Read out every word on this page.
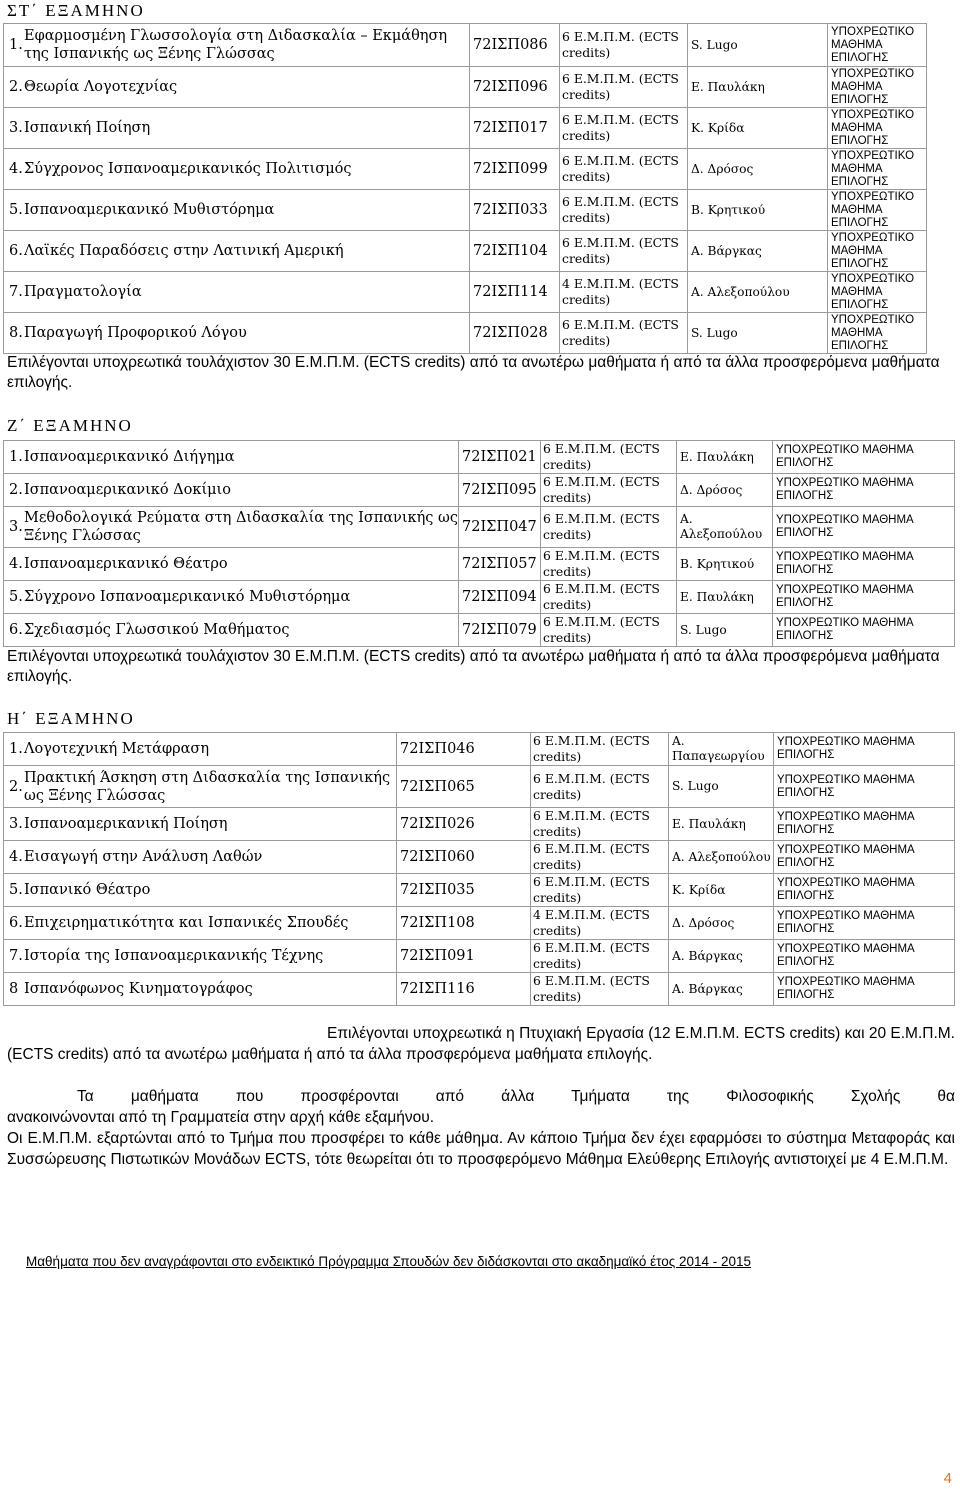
ΣΤ΄ ΕΞΑΜΗΝΟ
1.
Εφαρμοσμένη Γλωσσολογία στη Διδασκαλία – Εκμάθηση της Ισπανικής ως Ξένης Γλώσσας	72ΙΣΠ086	6 Ε.Μ.Π.Μ. (ECTS credits)	S. Lugo	ΥΠΟΧΡΕΩΤΙΚΟ ΜΑΘΗΜΑ ΕΠΙΛΟΓΗΣ

2. Θεωρία Λογοτεχνίας	72ΙΣΠ096	6 Ε.Μ.Π.Μ. (ECTS credits)	Ε. Παυλάκη	ΥΠΟΧΡΕΩΤΙΚΟ ΜΑΘΗΜΑ ΕΠΙΛΟΓΗΣ

3. Ισπανική Ποίηση	72ΙΣΠ017	6 Ε.Μ.Π.Μ. (ECTS credits)	Κ. Κρίδα	ΥΠΟΧΡΕΩΤΙΚΟ ΜΑΘΗΜΑ ΕΠΙΛΟΓΗΣ

4. Σύγχρονος Ισπανοαμερικανικός Πολιτισμός	72ΙΣΠ099	6 Ε.Μ.Π.Μ. (ECTS credits)	Δ. Δρόσος	ΥΠΟΧΡΕΩΤΙΚΟ ΜΑΘΗΜΑ ΕΠΙΛΟΓΗΣ

5. Ισπανοαμερικανικό Μυθιστόρημα	72ΙΣΠ033	6 Ε.Μ.Π.Μ. (ECTS credits)	Β. Κρητικού	ΥΠΟΧΡΕΩΤΙΚΟ ΜΑΘΗΜΑ ΕΠΙΛΟΓΗΣ

6. Λαϊκές Παραδόσεις στην Λατινική Αμερική	72ΙΣΠ104	6 Ε.Μ.Π.Μ. (ECTS credits)	Α. Βάργκας	ΥΠΟΧΡΕΩΤΙΚΟ ΜΑΘΗΜΑ ΕΠΙΛΟΓΗΣ

7. Πραγματολογία	72ΙΣΠ114	4 Ε.Μ.Π.Μ. (ECTS credits)	Α. Αλεξοπούλου	ΥΠΟΧΡΕΩΤΙΚΟ ΜΑΘΗΜΑ ΕΠΙΛΟΓΗΣ

8. Παραγωγή Προφορικού Λόγου	72ΙΣΠ028	6 Ε.Μ.Π.Μ. (ECTS credits)	S. Lugo	ΥΠΟΧΡΕΩΤΙΚΟ ΜΑΘΗΜΑ ΕΠΙΛΟΓΗΣ
Επιλέγονται υποχρεωτικά τουλάχιστον 30 Ε.Μ.Π.Μ. (ECTS credits) από τα ανωτέρω μαθήματα ή από τα άλλα προσφερόμενα μαθήματα επιλογής.
Ζ΄ ΕΞΑΜΗΝΟ
1. Ισπανοαμερικανικό Διήγημα	72ΙΣΠ021	6 Ε.Μ.Π.Μ. (ECTS credits)	Ε. Παυλάκη	ΥΠΟΧΡΕΩΤΙΚΟ ΜΑΘΗΜΑ ΕΠΙΛΟΓΗΣ

2. Ισπανοαμερικανικό Δοκίμιο	72ΙΣΠ095	6 Ε.Μ.Π.Μ. (ECTS credits)	Δ. Δρόσος	ΥΠΟΧΡΕΩΤΙΚΟ ΜΑΘΗΜΑ ΕΠΙΛΟΓΗΣ

3.
Μεθοδολογικά Ρεύματα στη Διδασκαλία της Ισπανικής ως Ξένης Γλώσσας	72ΙΣΠ047	6 Ε.Μ.Π.Μ. (ECTS credits)	Α. Αλεξοπούλου	ΥΠΟΧΡΕΩΤΙΚΟ ΜΑΘΗΜΑ ΕΠΙΛΟΓΗΣ

4. Ισπανοαμερικανικό Θέατρο	72ΙΣΠ057	6 Ε.Μ.Π.Μ. (ECTS credits)	Β. Κρητικού	ΥΠΟΧΡΕΩΤΙΚΟ ΜΑΘΗΜΑ ΕΠΙΛΟΓΗΣ

5. Σύγχρονο Ισπανοαμερικανικό Μυθιστόρημα	72ΙΣΠ094	6 Ε.Μ.Π.Μ. (ECTS credits)	Ε. Παυλάκη	ΥΠΟΧΡΕΩΤΙΚΟ ΜΑΘΗΜΑ ΕΠΙΛΟΓΗΣ

6. Σχεδιασμός Γλωσσικού Μαθήματος	72ΙΣΠ079	6 Ε.Μ.Π.Μ. (ECTS credits)	S. Lugo	ΥΠΟΧΡΕΩΤΙΚΟ ΜΑΘΗΜΑ ΕΠΙΛΟΓΗΣ
Επιλέγονται υποχρεωτικά τουλάχιστον 30 Ε.Μ.Π.Μ. (ECTS credits) από τα ανωτέρω μαθήματα ή από τα άλλα προσφερόμενα μαθήματα επιλογής.
Η΄ ΕΞΑΜΗΝΟ
1. Λογοτεχνική Μετάφραση	72ΙΣΠ046	6 Ε.Μ.Π.Μ. (ECTS credits)	Α. Παπαγεωργίου	ΥΠΟΧΡΕΩΤΙΚΟ ΜΑΘΗΜΑ ΕΠΙΛΟΓΗΣ

2.
Πρακτική Άσκηση στη Διδασκαλία της Ισπανικής ως Ξένης Γλώσσας	72ΙΣΠ065	6 Ε.Μ.Π.Μ. (ECTS credits)	S. Lugo	ΥΠΟΧΡΕΩΤΙΚΟ ΜΑΘΗΜΑ ΕΠΙΛΟΓΗΣ

3. Ισπανοαμερικανική Ποίηση	72ΙΣΠ026	6 Ε.Μ.Π.Μ. (ECTS credits)	Ε. Παυλάκη	ΥΠΟΧΡΕΩΤΙΚΟ ΜΑΘΗΜΑ ΕΠΙΛΟΓΗΣ

4. Εισαγωγή στην Ανάλυση Λαθών	72ΙΣΠ060	6 Ε.Μ.Π.Μ. (ECTS credits)	Α. Αλεξοπούλου	ΥΠΟΧΡΕΩΤΙΚΟ ΜΑΘΗΜΑ ΕΠΙΛΟΓΗΣ

5. Ισπανικό Θέατρο	72ΙΣΠ035	6 Ε.Μ.Π.Μ. (ECTS credits)	Κ. Κρίδα	ΥΠΟΧΡΕΩΤΙΚΟ ΜΑΘΗΜΑ ΕΠΙΛΟΓΗΣ

6. Επιχειρηματικότητα και Ισπανικές Σπουδές	72ΙΣΠ108	4 Ε.Μ.Π.Μ. (ECTS credits)	Δ. Δρόσος	ΥΠΟΧΡΕΩΤΙΚΟ ΜΑΘΗΜΑ ΕΠΙΛΟΓΗΣ

7. Ιστορία της Ισπανοαμερικανικής Τέχνης	72ΙΣΠ091	6 Ε.Μ.Π.Μ. (ECTS credits)	Α. Βάργκας	ΥΠΟΧΡΕΩΤΙΚΟ ΜΑΘΗΜΑ ΕΠΙΛΟΓΗΣ

8 Ισπανόφωνος Κινηματογράφος	72ΙΣΠ116	6 Ε.Μ.Π.Μ. (ECTS credits)	Α. Βάργκας	ΥΠΟΧΡΕΩΤΙΚΟ ΜΑΘΗΜΑ ΕΠΙΛΟΓΗΣ
Επιλέγονται υποχρεωτικά η Πτυχιακή Εργασία (12 Ε.Μ.Π.Μ. ECTS credits) και 20 Ε.Μ.Π.Μ.
(ECTS credits) από τα ανωτέρω μαθήματα ή από τα άλλα προσφερόμενα μαθήματα επιλογής.
Τα μαθήματα που προσφέρονται από άλλα Τμήματα της Φιλοσοφικής Σχολής θα
ανακοινώνονται από τη Γραμματεία στην αρχή κάθε εξαμήνου.
Οι Ε.Μ.Π.Μ. εξαρτώνται από το Τμήμα που προσφέρει το κάθε μάθημα. Αν κάποιο Τμήμα δεν έχει εφαρμόσει το σύστημα Μεταφοράς και Συσσώρευσης Πιστωτικών Μονάδων ECTS, τότε θεωρείται ότι το προσφερόμενο Μάθημα Ελεύθερης Επιλογής αντιστοιχεί με 4 Ε.Μ.Π.Μ.
Μαθήματα που δεν αναγράφονται στο ενδεικτικό Πρόγραμμα Σπουδών δεν διδάσκονται στο ακαδημαϊκό έτος 2014 - 2015
4
